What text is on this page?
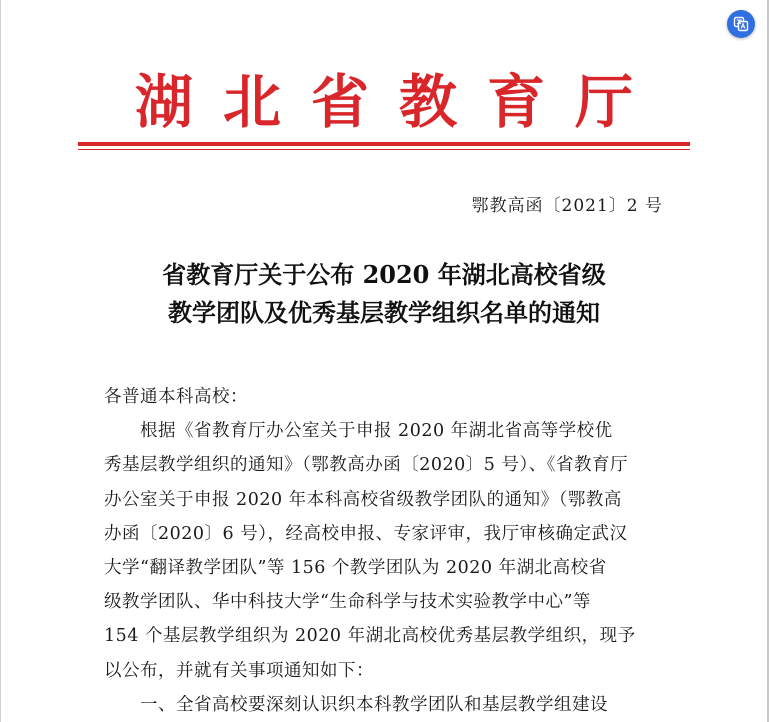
湖北省教育厅
鄂教高函〔2021〕2 号
省教育厅关于公布 2020 年湖北高校省级
教学团队及优秀基层教学组织名单的通知
各普通本科高校：
根据《省教育厅办公室关于申报 2020 年湖北省高等学校优
秀基层教学组织的通知》（鄂教高办函〔2020〕5 号）、《省教育厅
办公室关于申报 2020 年本科高校省级教学团队的通知》（鄂教高
办函〔2020〕6 号），经高校申报、专家评审，我厅审核确定武汉
大学“翻译教学团队”等 156 个教学团队为 2020 年湖北高校省
级教学团队、华中科技大学“生命科学与技术实验教学中心”等
154 个基层教学组织为 2020 年湖北高校优秀基层教学组织，现予
以公布，并就有关事项通知如下：
一、全省高校要深刻认识织本科教学团队和基层教学组建设
